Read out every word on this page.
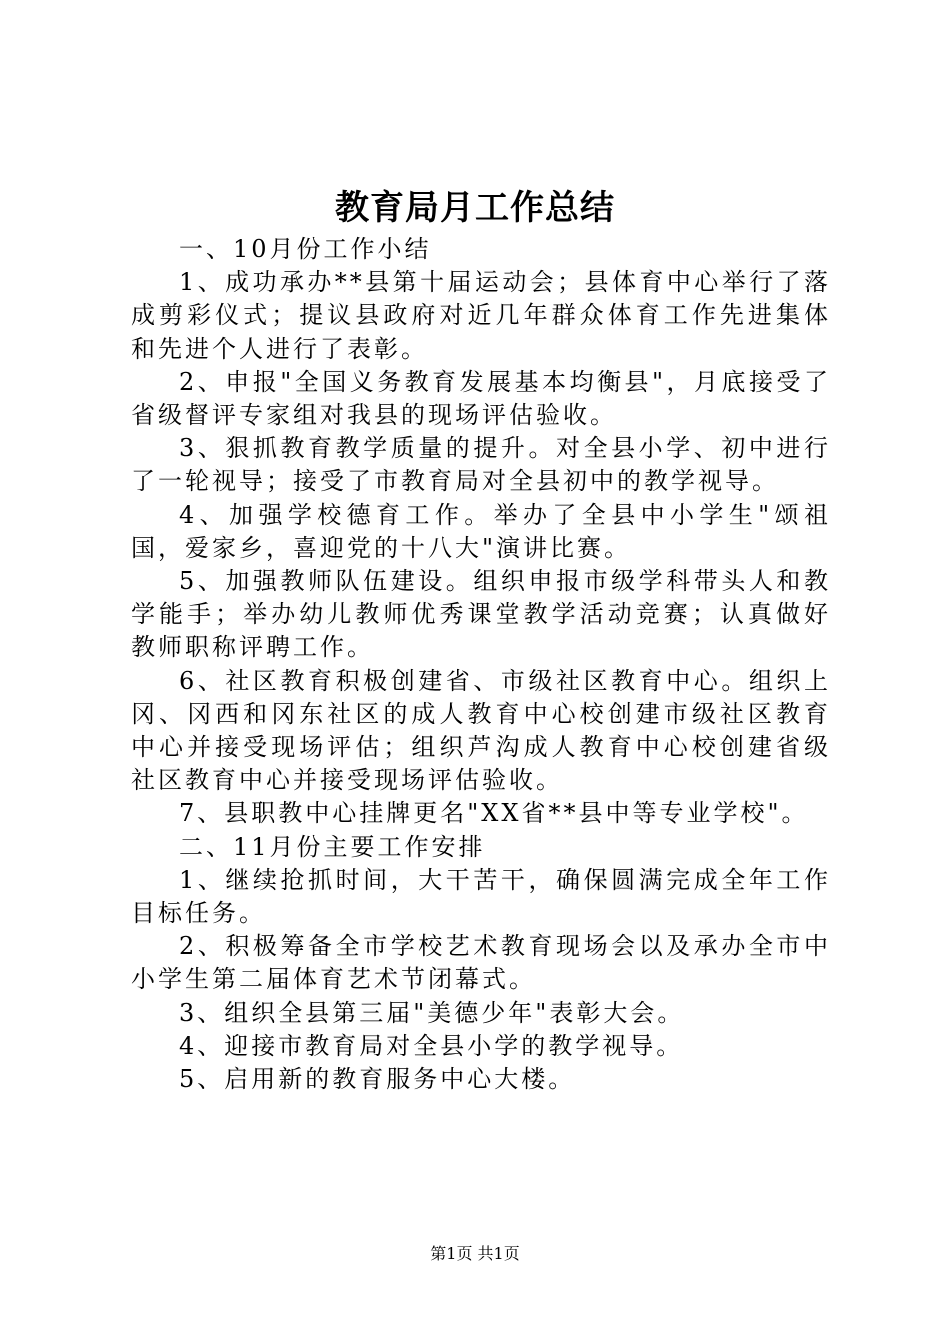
教育局月工作总结

一、10月份工作小结

1、成功承办**县第十届运动会；县体育中心举行了落成剪彩仪式；提议县政府对近几年群众体育工作先进集体和先进个人进行了表彰。

2、申报"全国义务教育发展基本均衡县"，月底接受了省级督评专家组对我县的现场评估验收。

3、狠抓教育教学质量的提升。对全县小学、初中进行了一轮视导；接受了市教育局对全县初中的教学视导。

4、加强学校德育工作。举办了全县中小学生"颂祖国，爱家乡，喜迎党的十八大"演讲比赛。

5、加强教师队伍建设。组织申报市级学科带头人和教学能手；举办幼儿教师优秀课堂教学活动竞赛；认真做好教师职称评聘工作。

6、社区教育积极创建省、市级社区教育中心。组织上冈、冈西和冈东社区的成人教育中心校创建市级社区教育中心并接受现场评估；组织芦沟成人教育中心校创建省级社区教育中心并接受现场评估验收。

7、县职教中心挂牌更名"XX省**县中等专业学校"。

二、11月份主要工作安排

1、继续抢抓时间，大干苦干，确保圆满完成全年工作目标任务。

2、积极筹备全市学校艺术教育现场会以及承办全市中小学生第二届体育艺术节闭幕式。

3、组织全县第三届"美德少年"表彰大会。

4、迎接市教育局对全县小学的教学视导。

5、启用新的教育服务中心大楼。

第1页 共1页
